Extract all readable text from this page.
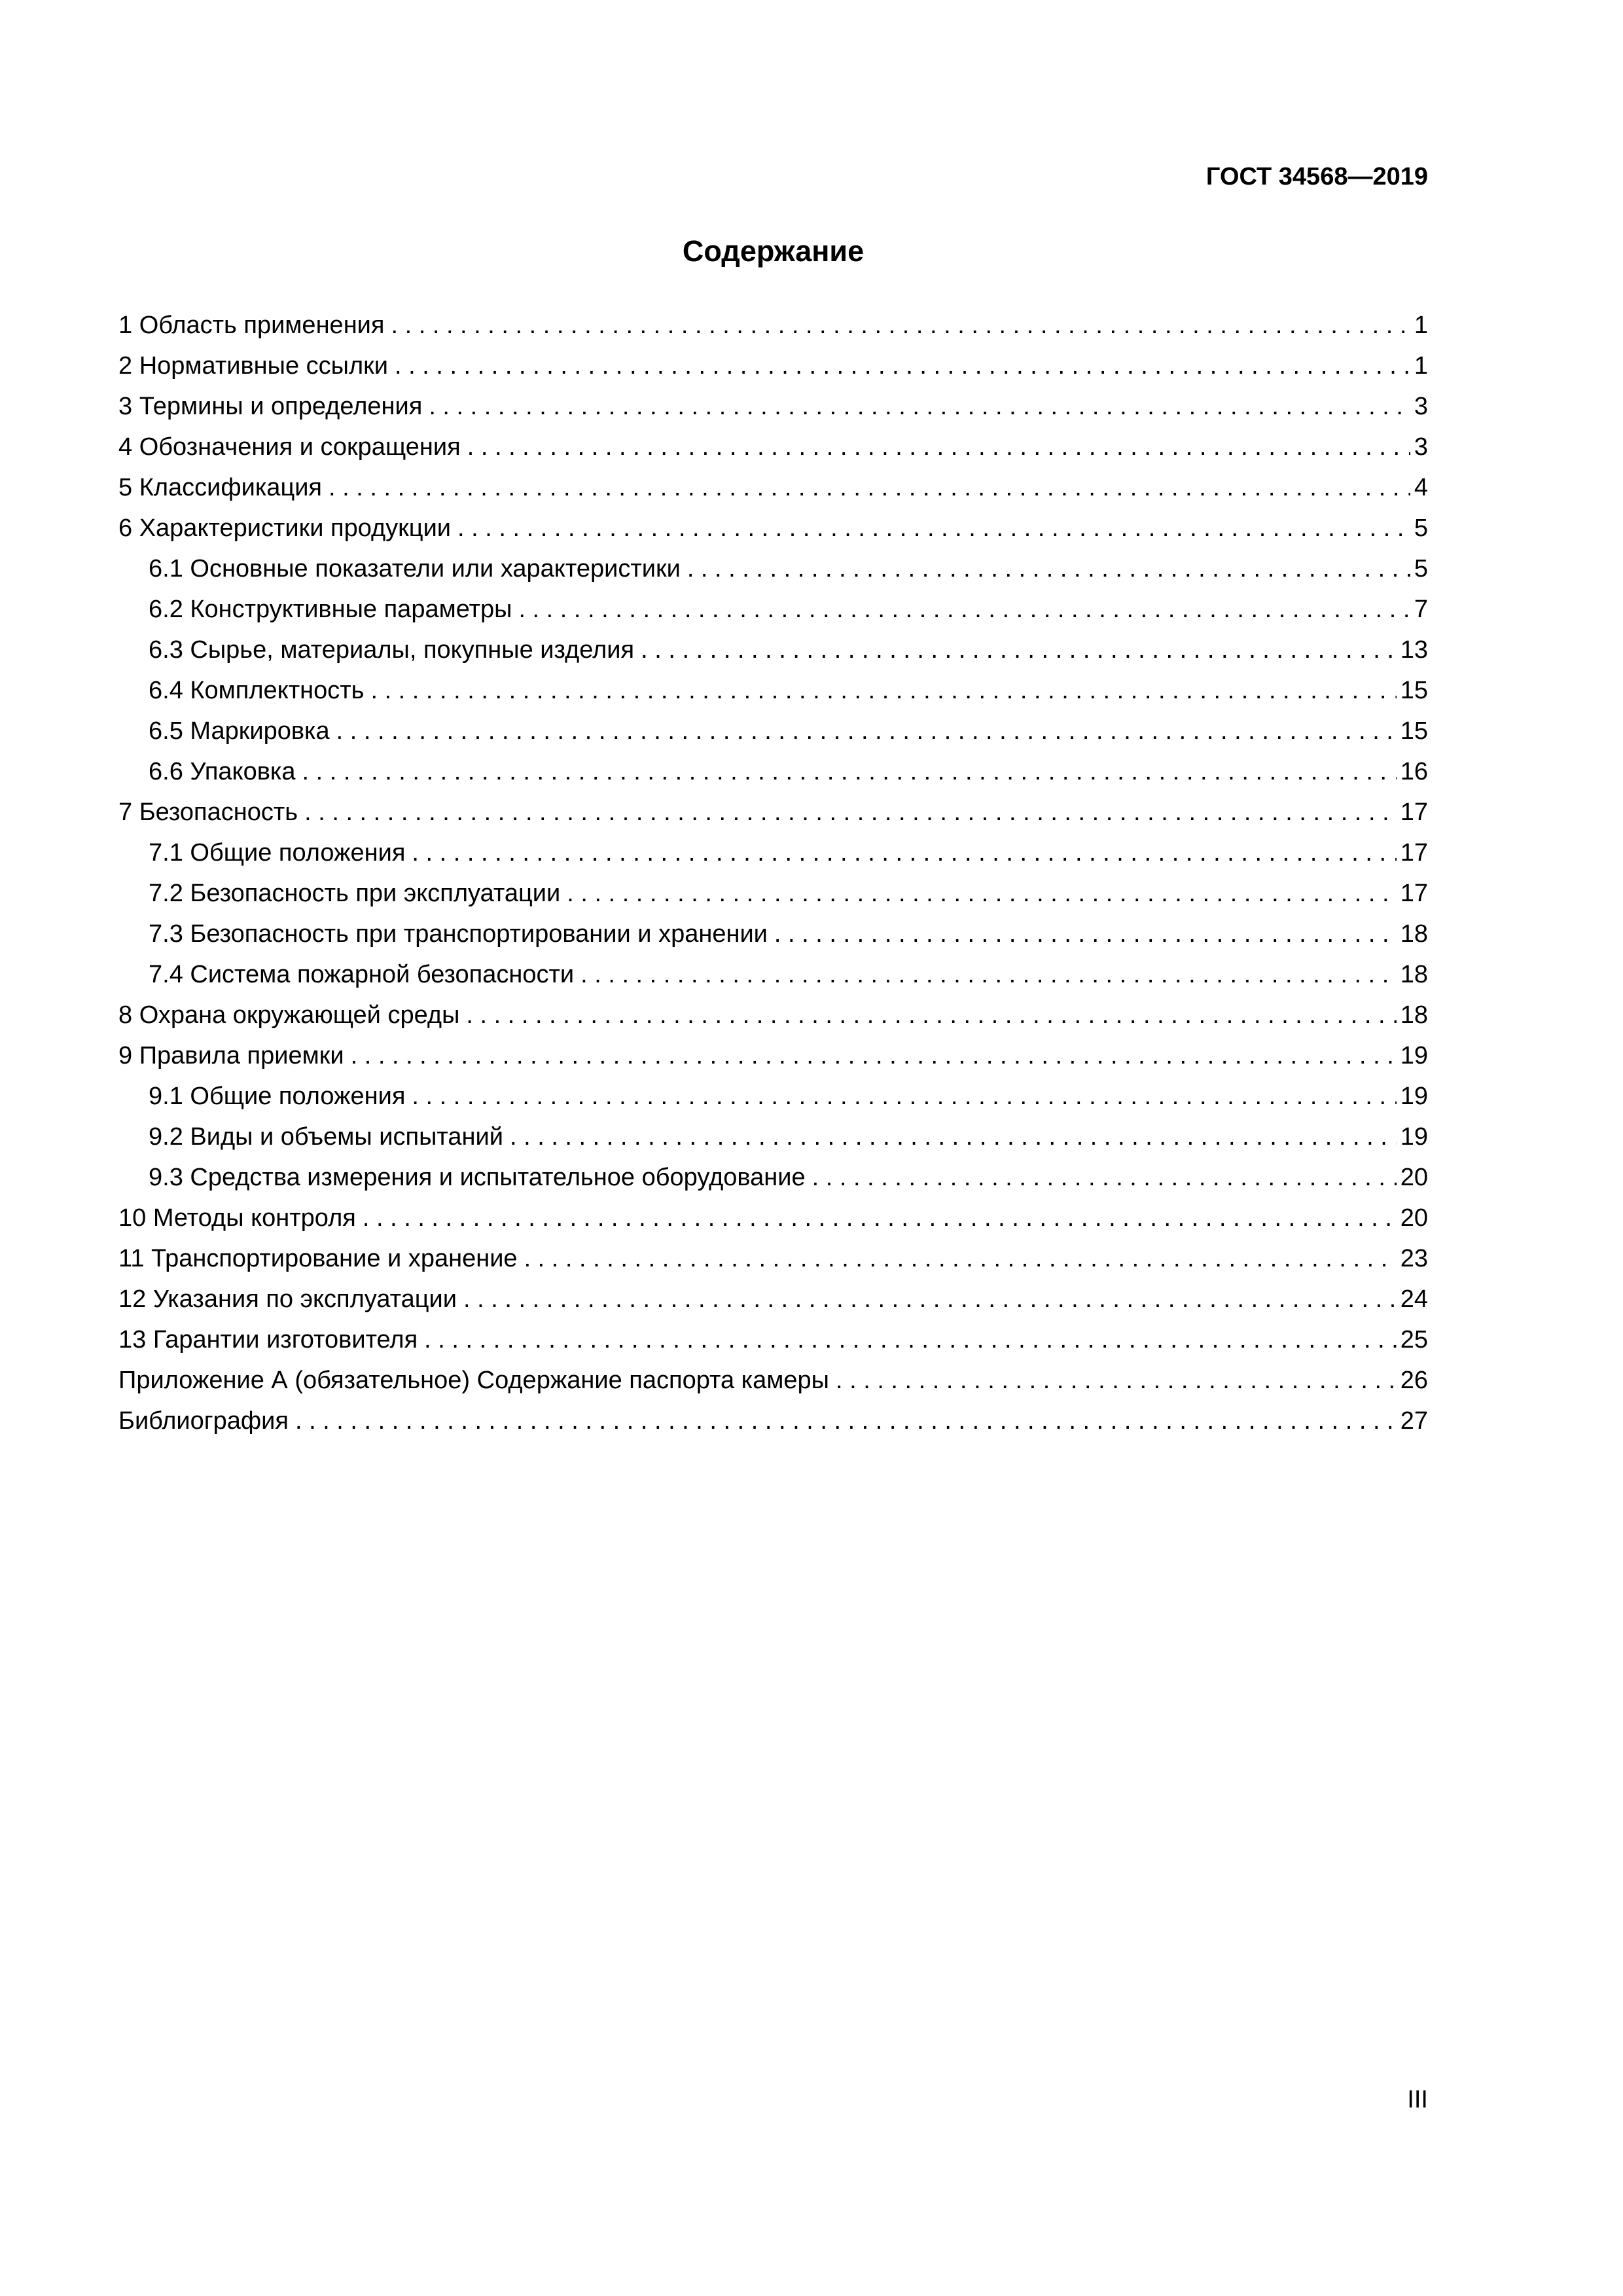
ГОСТ 34568—2019
Содержание
1 Область применения . . .	1
2 Нормативные ссылки . . .	1
3 Термины и определения . . .	3
4 Обозначения и сокращения . . .	3
5 Классификация . . .	4
6 Характеристики продукции . . .	5
6.1 Основные показатели или характеристики . . .	5
6.2 Конструктивные параметры . . .	7
6.3 Сырье, материалы, покупные изделия . . .	13
6.4 Комплектность . . .	15
6.5 Маркировка . . .	15
6.6 Упаковка . . .	16
7 Безопасность . . .	17
7.1 Общие положения . . .	17
7.2 Безопасность при эксплуатации . . .	17
7.3 Безопасность при транспортировании и хранении . . .	18
7.4 Система пожарной безопасности . . .	18
8 Охрана окружающей среды . . .	18
9 Правила приемки . . .	19
9.1 Общие положения . . .	19
9.2 Виды и объемы испытаний . . .	19
9.3 Средства измерения и испытательное оборудование . . .	20
10 Методы контроля . . .	20
11 Транспортирование и хранение . . .	23
12 Указания по эксплуатации . . .	24
13 Гарантии изготовителя . . .	25
Приложение А (обязательное) Содержание паспорта камеры . . .	26
Библиография . . .	27
III
